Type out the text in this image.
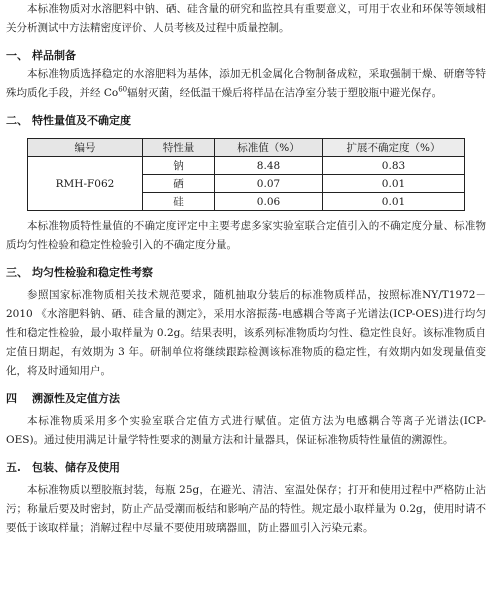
本标准物质对水溶肥料中钠、硒、硅含量的研究和监控具有重要意义，可用于农业和环保等领域相关分析测试中方法精密度评价、人员考核及过程中质量控制。

一、 样品制备

本标准物质选择稳定的水溶肥料为基体，添加无机金属化合物制备成粒，采取强制干燥、研磨等特殊均质化手段，并经 Co$^{60}$辐射灭菌，经低温干燥后将样品在洁净室分装于塑胶瓶中避光保存。

二、 特性量值及不确定度
编号	特性量	标准值（%）	扩展不确定度（%）
RMH-F062	钠	8.48	0.83
	硒	0.07	0.01
	硅	0.06	0.01

本标准物质特性量值的不确定度评定中主要考虑多家实验室联合定值引入的不确定度分量、标准物质均匀性检验和稳定性检验引入的不确定度分量。

三、 均匀性检验和稳定性考察

参照国家标准物质相关技术规范要求，随机抽取分装后的标准物质样品，按照标准NY/T1972－2010 《水溶肥料钠、硒、硅含量的测定》，采用水溶振荡-电感耦合等离子光谱法(ICP-OES)进行均匀性和稳定性检验，最小取样量为 0.2g。结果表明，该系列标准物质均匀性、稳定性良好。该标准物质自定值日期起，有效期为 3 年。研制单位将继续跟踪检测该标准物质的稳定性，有效期内如发现量值变化，将及时通知用户。

四 溯源性及定值方法

本标准物质采用多个实验室联合定值方式进行赋值。定值方法为电感耦合等离子光谱法(ICP-OES)。通过使用满足计量学特性要求的测量方法和计量器具，保证标准物质特性量值的溯源性。

五. 包装、储存及使用

本标准物质以塑胶瓶封装，每瓶 25g，在避光、清洁、室温处保存；打开和使用过程中严格防止沾污；称量后要及时密封，防止产品受潮而板结和影响产品的特性。规定最小取样量为 0.2g，使用时请不要低于该取样量；消解过程中尽量不要使用玻璃器皿，防止器皿引入污染元素。
